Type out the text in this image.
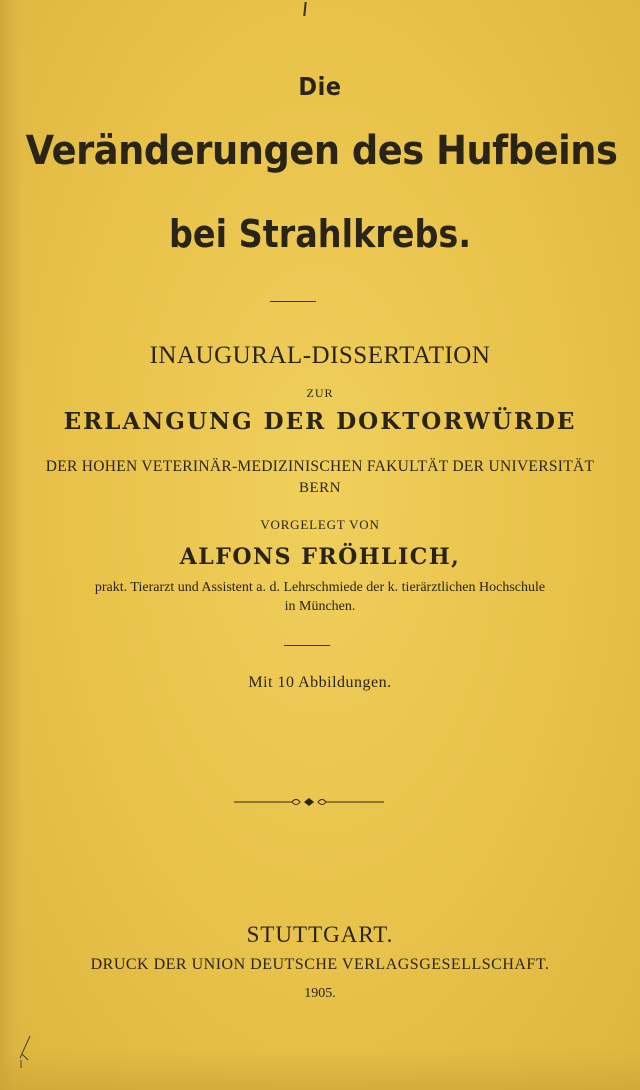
Die
Veränderungen des Hufbeins
bei Strahlkrebs.
INAUGURAL-DISSERTATION
ZUR
ERLANGUNG DER DOKTORWÜRDE
DER HOHEN VETERINÄR-MEDIZINISCHEN FAKULTÄT DER UNIVERSITÄT
BERN
VORGELEGT VON
ALFONS FRÖHLICH,
prakt. Tierarzt und Assistent a. d. Lehrschmiede der k. tierärztlichen Hochschule
in München.
Mit 10 Abbildungen.
STUTTGART.
DRUCK DER UNION DEUTSCHE VERLAGSGESELLSCHAFT.
1905.
